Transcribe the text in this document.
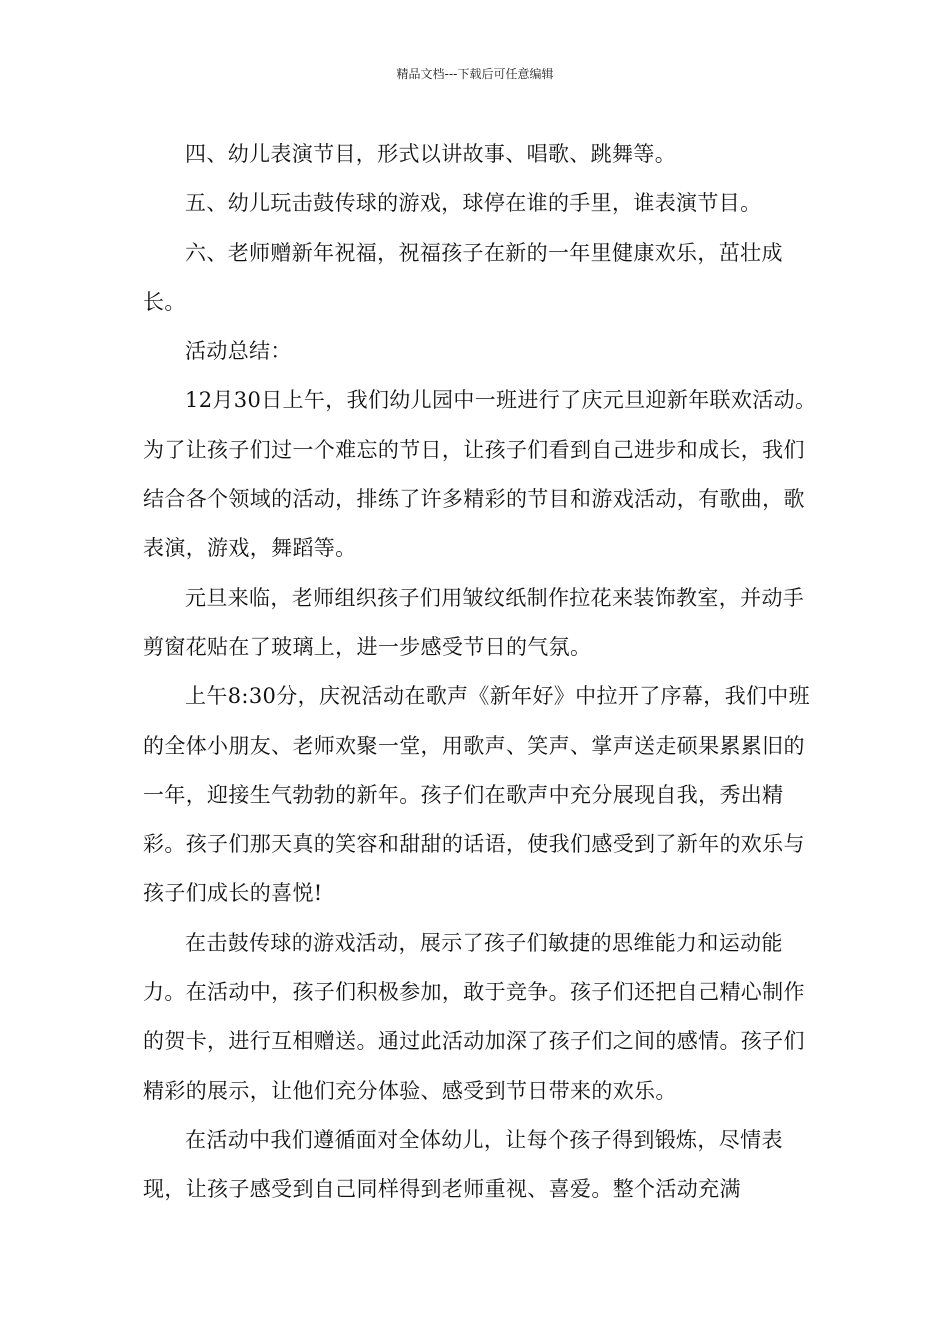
精品文档---下载后可任意编辑

四、幼儿表演节目，形式以讲故事、唱歌、跳舞等。

五、幼儿玩击鼓传球的游戏，球停在谁的手里，谁表演节目。

六、老师赠新年祝福，祝福孩子在新的一年里健康欢乐，茁壮成长。

活动总结：

12月30日上午，我们幼儿园中一班进行了庆元旦迎新年联欢活动。为了让孩子们过一个难忘的节日，让孩子们看到自己进步和成长，我们结合各个领域的活动，排练了许多精彩的节目和游戏活动，有歌曲，歌表演，游戏，舞蹈等。

元旦来临，老师组织孩子们用皱纹纸制作拉花来装饰教室，并动手剪窗花贴在了玻璃上，进一步感受节日的气氛。

上午8:30分，庆祝活动在歌声《新年好》中拉开了序幕，我们中班的全体小朋友、老师欢聚一堂，用歌声、笑声、掌声送走硕果累累旧的一年，迎接生气勃勃的新年。孩子们在歌声中充分展现自我，秀出精彩。孩子们那天真的笑容和甜甜的话语，使我们感受到了新年的欢乐与孩子们成长的喜悦!

在击鼓传球的游戏活动，展示了孩子们敏捷的思维能力和运动能力。在活动中，孩子们积极参加，敢于竞争。孩子们还把自己精心制作的贺卡，进行互相赠送。通过此活动加深了孩子们之间的感情。孩子们精彩的展示，让他们充分体验、感受到节日带来的欢乐。

在活动中我们遵循面对全体幼儿，让每个孩子得到锻炼，尽情表现，让孩子感受到自己同样得到老师重视、喜爱。整个活动充满
